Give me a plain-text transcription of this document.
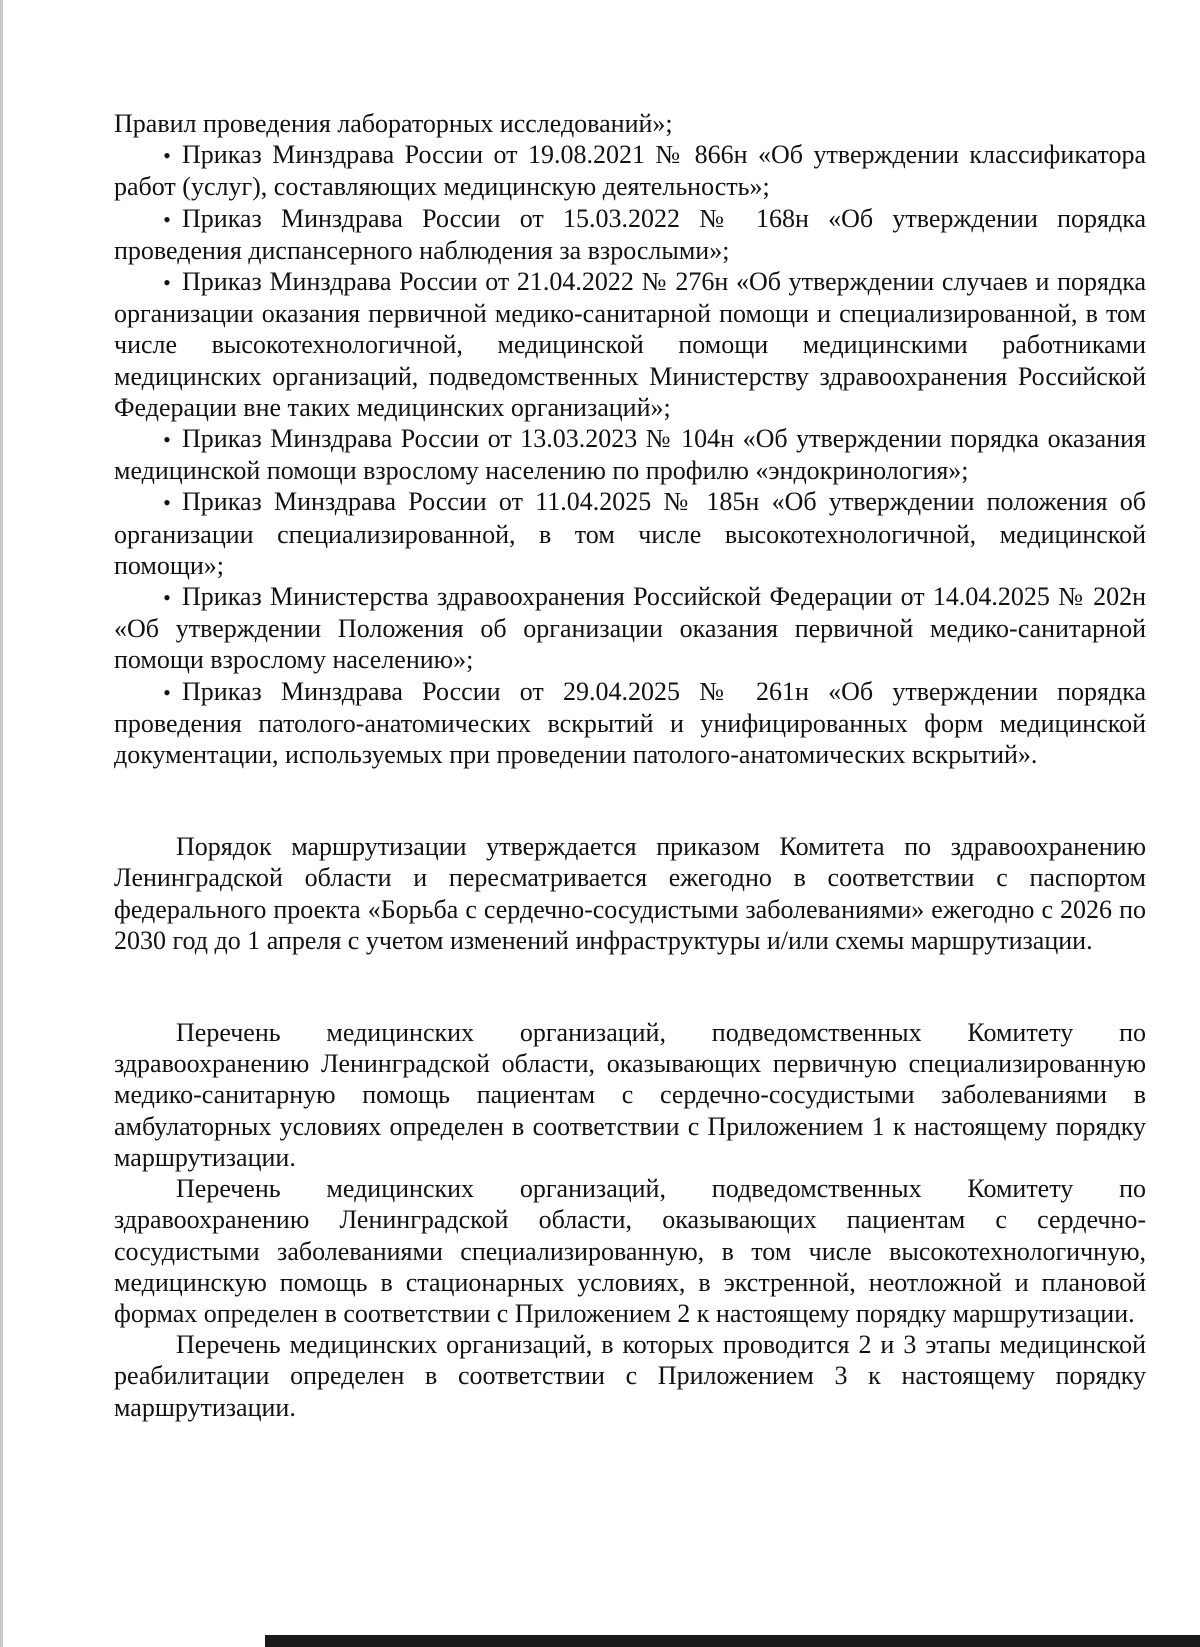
Правил проведения лабораторных исследований»;

•Приказ Минздрава России от 19.08.2021 № 866н «Об утверждении классификатора работ (услуг), составляющих медицинскую деятельность»;

•Приказ Минздрава России от 15.03.2022 № 168н «Об утверждении порядка проведения диспансерного наблюдения за взрослыми»;

•Приказ Минздрава России от 21.04.2022 № 276н «Об утверждении случаев и порядка организации оказания первичной медико-санитарной помощи и специализированной, в том числе высокотехнологичной, медицинской помощи медицинскими работниками медицинских организаций, подведомственных Министерству здравоохранения Российской Федерации вне таких медицинских организаций»;

•Приказ Минздрава России от 13.03.2023 № 104н «Об утверждении порядка оказания медицинской помощи взрослому населению по профилю «эндокринология»;

•Приказ Минздрава России от 11.04.2025 № 185н «Об утверждении положения об организации специализированной, в том числе высокотехнологичной, медицинской помощи»;

•Приказ Министерства здравоохранения Российской Федерации от 14.04.2025 № 202н «Об утверждении Положения об организации оказания первичной медико-санитарной помощи взрослому населению»;

•Приказ Минздрава России от 29.04.2025 № 261н «Об утверждении порядка проведения патолого-анатомических вскрытий и унифицированных форм медицинской документации, используемых при проведении патолого-анатомических вскрытий».

Порядок маршрутизации утверждается приказом Комитета по здравоохранению Ленинградской области и пересматривается ежегодно в соответствии с паспортом федерального проекта «Борьба с сердечно-сосудистыми заболеваниями» ежегодно с 2026 по 2030 год до 1 апреля с учетом изменений инфраструктуры и/или схемы маршрутизации.

Перечень медицинских организаций, подведомственных Комитету по здравоохранению Ленинградской области, оказывающих первичную специализированную медико-санитарную помощь пациентам с сердечно-сосудистыми заболеваниями в амбулаторных условиях определен в соответствии с Приложением 1 к настоящему порядку маршрутизации.

Перечень медицинских организаций, подведомственных Комитету по здравоохранению Ленинградской области, оказывающих пациентам с сердечно-сосудистыми заболеваниями специализированную, в том числе высокотехнологичную, медицинскую помощь в стационарных условиях, в экстренной, неотложной и плановой формах определен в соответствии с Приложением 2 к настоящему порядку маршрутизации.

Перечень медицинских организаций, в которых проводится 2 и 3 этапы медицинской реабилитации определен в соответствии с Приложением 3 к настоящему порядку маршрутизации.
